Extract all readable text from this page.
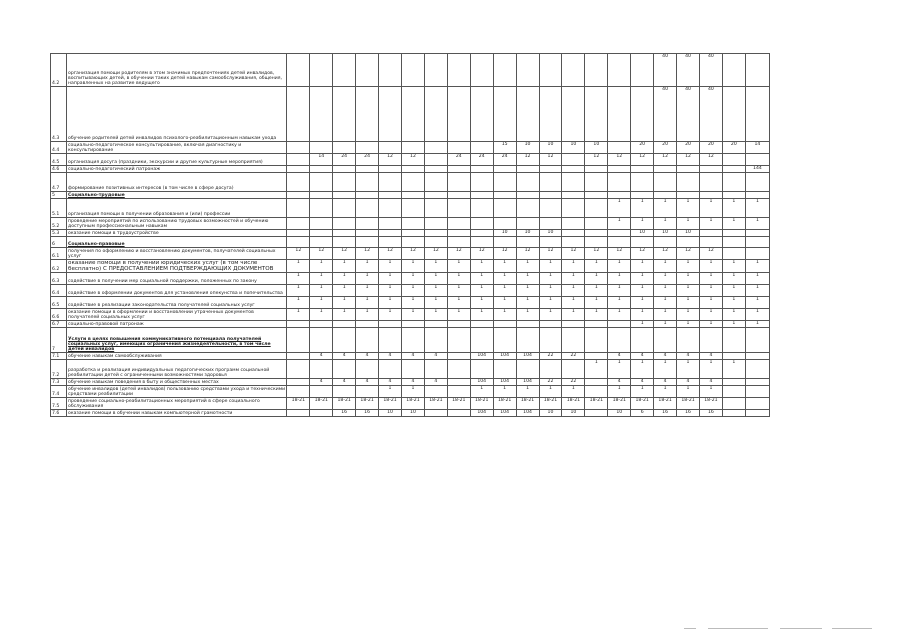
4.2	организация помощи родителям в этом значимых предпочтениях детей инвалидов, воспитывающих детей, в обучении таких детей навыкам самообслуживания, общения, направленных на развитие ведущего																	40	40	40		
4.3	обучение родителей детей инвалидов психолого-реабилитационным навыкам ухода																	40	40	40		
4.4	социально-педагогическое консультирование, включая диагностику и консультирование										15	10	10	10	10		20	20	20	20	20	14
4.5	организация досуга (праздники, экскурсии и другие культурные мероприятия)		14	24	24	12	12		24	24	24	12	12		12	12	12	12	12	12		
4.6	социально-педагогический патронаж																					144
4.7	формирование позитивных интересов (в том числе в сфере досуга)																					
5	Социально-трудовые																					
5.1	организация помощи в получении образования и (или) профессии															1	1	1	1	1	1	1
5.2	проведение мероприятий по использованию трудовых возможностей и обучению доступным профессиональным навыкам															1	1	1	1	1	1	1
5.3	оказание помощи в трудоустройстве										10	10	10				10	10	10			
6	Социально-правовые																					
6.1	получения по оформлению и восстановлению документов, получателей социальных услуг	12	12	12	12	12	12	12	12	12	12	12	12	12	12	12	12	12	12	12		
6.2	оказание помощи в получении юридических услуг (в том числе бесплатно) С ПРЕДОСТАВЛЕНИЕМ ПОДТВЕРЖДАЮЩИХ ДОКУМЕНТОВ	1	1	1	1	1	1	1	1	1	1	1	1	1	1	1	1	1	1	1	1	1
6.3	содействие в получении мер социальной поддержки, положенных по закону	1	1	1	1	1	1	1	1	1	1	1	1	1	1	1	1	1	1	1	1	1
6.4	содействие в оформлении документов для установления опекунства и попечительства	1	1	1	1	1	1	1	1	1	1	1	1	1	1	1	1	1	1	1	1	1
6.5	содействие в реализации законодательства получателей социальных услуг	1	1	1	1	1	1	1	1	1	1	1	1	1	1	1	1	1	1	1	1	1
6.6	оказание помощи в оформлении и восстановлении утраченных документов получателей социальных услуг	1	1	1	1	1	1	1	1	1	1	1	1	1	1	1	1	1	1	1	1	1
6.7	социально-правовой патронаж																1	1	1	1	1	1
7	Услуги в целях повышения коммуникативного потенциала получателей социальных услуг, имеющих ограничения жизнедеятельности, в том числе детей инвалидов																					
7.1	обучение навыкам самообслуживания		4	4	4	4	4	4		104	104	104	22	22		4	4	4	4	4		
7.2	разработка и реализация индивидуальных педагогических программ социальной реабилитации детей с ограниченными возможностями здоровья														1	1	1	1	1	1	1	
7.3	обучение навыкам поведения в быту и общественных местах		4	4	4	4	4	4		104	104	104	22	22		4	4	4	4	4		
7.4	обучение инвалидов (детей инвалидов) пользованию средствами ухода и техническими средствами реабилитации					1	1			1	1	1	1	1		1	1	1	1	1		
7.5	проведение социально-реабилитационных мероприятий в сфере социального обслуживания	18-21	18-21	18-21	18-21	18-21	18-21	18-21	18-21	18-21	18-21	18-21	18-21	18-21	18-21	18-21	18-21	18-21	18-21	18-21		
7.6	оказание помощи в обучении навыкам компьютерной грамотности			16	16	10	10			104	104	104	10	10		10	6	16	16	16		
